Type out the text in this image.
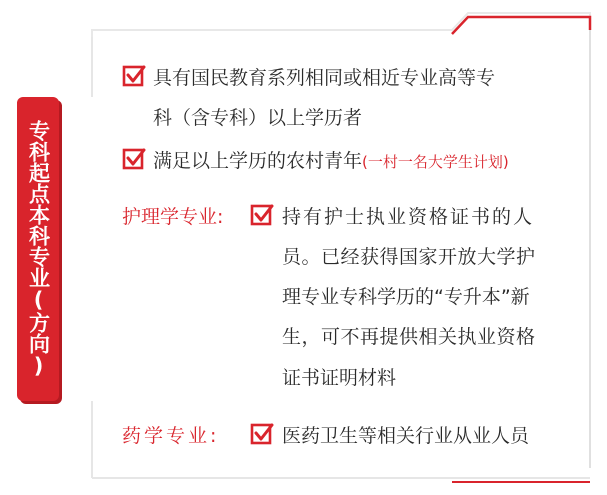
专科起点本科专业(方向)
具有国民教育系列相同或相近专业高等专
科（含专科）以上学历者
满足以上学历的农村青年(一村一名大学生计划)
护理学专业:	持有护士执业资格证书的人
员。已经获得国家开放大学护
理专业专科学历的“专升本”新
生，可不再提供相关执业资格
证书证明材料
药学专业:	医药卫生等相关行业从业人员
